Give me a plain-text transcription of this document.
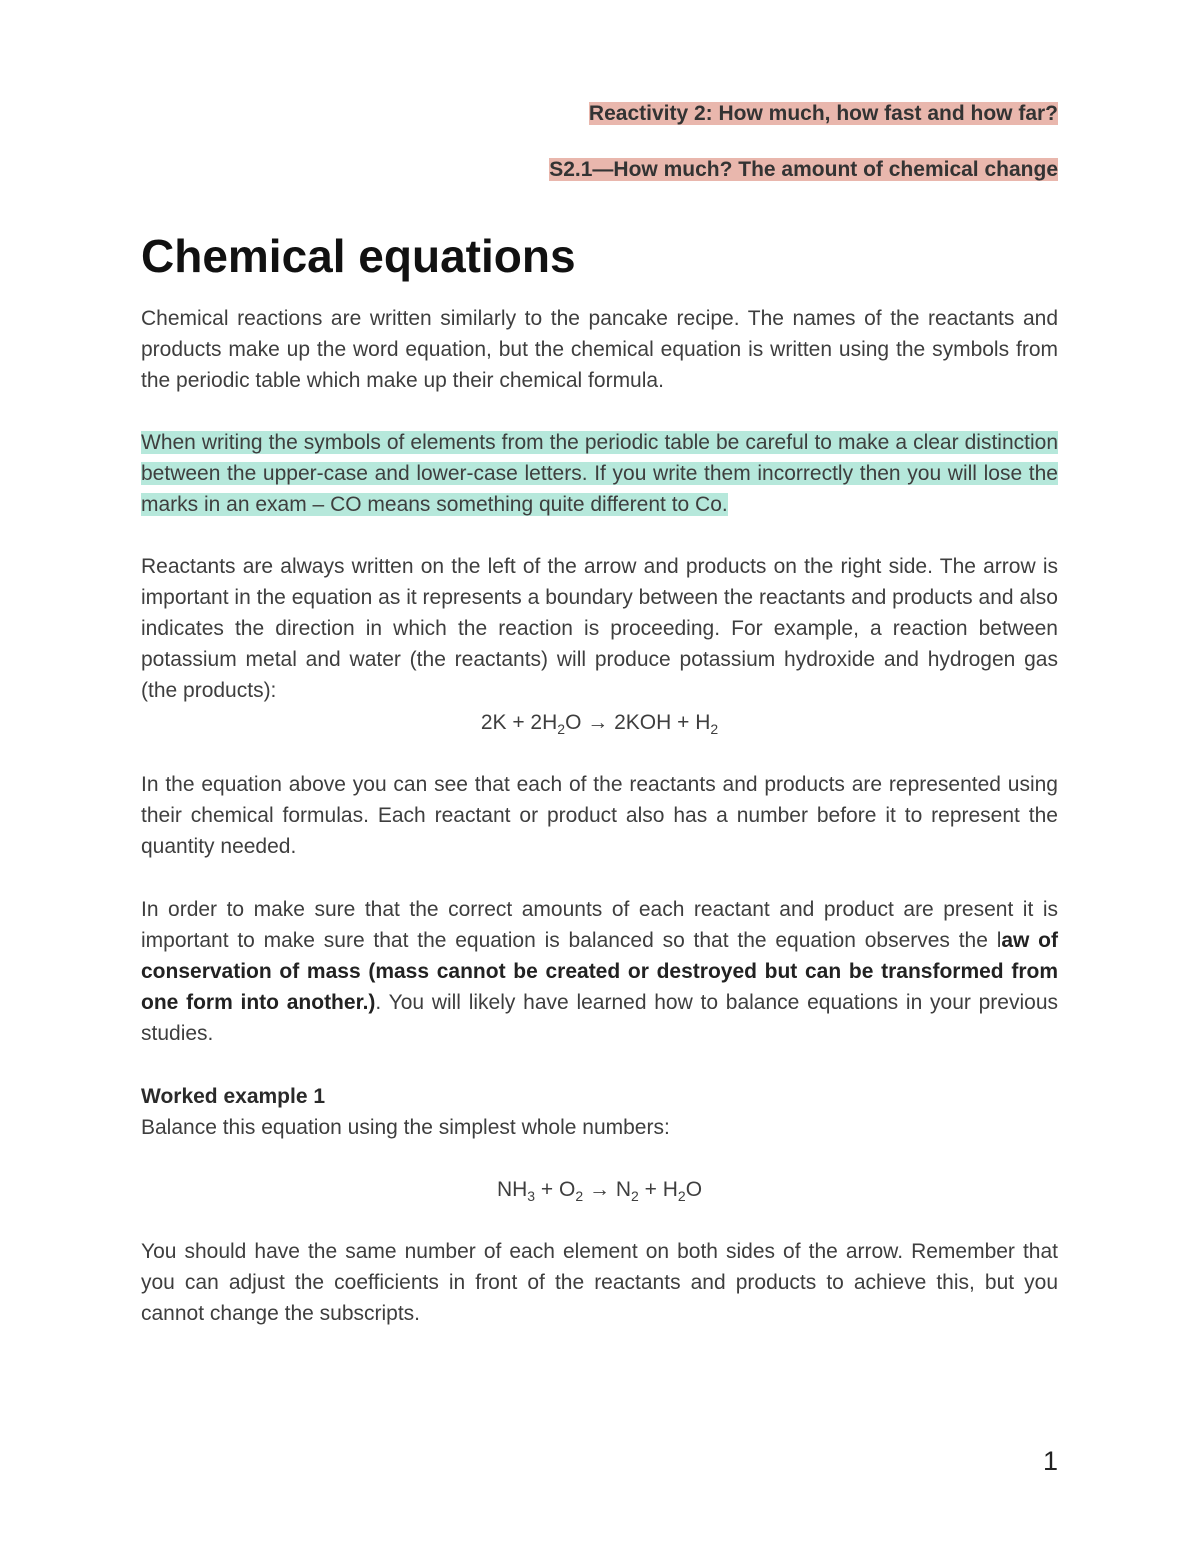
Reactivity 2: How much, how fast and how far?
S2.1—How much? The amount of chemical change
Chemical equations

Chemical reactions are written similarly to the pancake recipe. The names of the reactants and products make up the word equation, but the chemical equation is written using the symbols from the periodic table which make up their chemical formula.

When writing the symbols of elements from the periodic table be careful to make a clear distinction between the upper-case and lower-case letters. If you write them incorrectly then you will lose the marks in an exam – CO means something quite different to Co.

Reactants are always written on the left of the arrow and products on the right side. The arrow is important in the equation as it represents a boundary between the reactants and products and also indicates the direction in which the reaction is proceeding. For example, a reaction between potassium metal and water (the reactants) will produce potassium hydroxide and hydrogen gas (the products):

$2K + 2H_2O \to 2KOH + H_2$

In the equation above you can see that each of the reactants and products are represented using their chemical formulas. Each reactant or product also has a number before it to represent the quantity needed.

In order to make sure that the correct amounts of each reactant and product are present it is important to make sure that the equation is balanced so that the equation observes the law of conservation of mass (mass cannot be created or destroyed but can be transformed from one form into another.). You will likely have learned how to balance equations in your previous studies.

Worked example 1
Balance this equation using the simplest whole numbers:
$NH_3 + O_2 \to N_2 + H_2O$

You should have the same number of each element on both sides of the arrow. Remember that you can adjust the coefficients in front of the reactants and products to achieve this, but you cannot change the subscripts.

1
